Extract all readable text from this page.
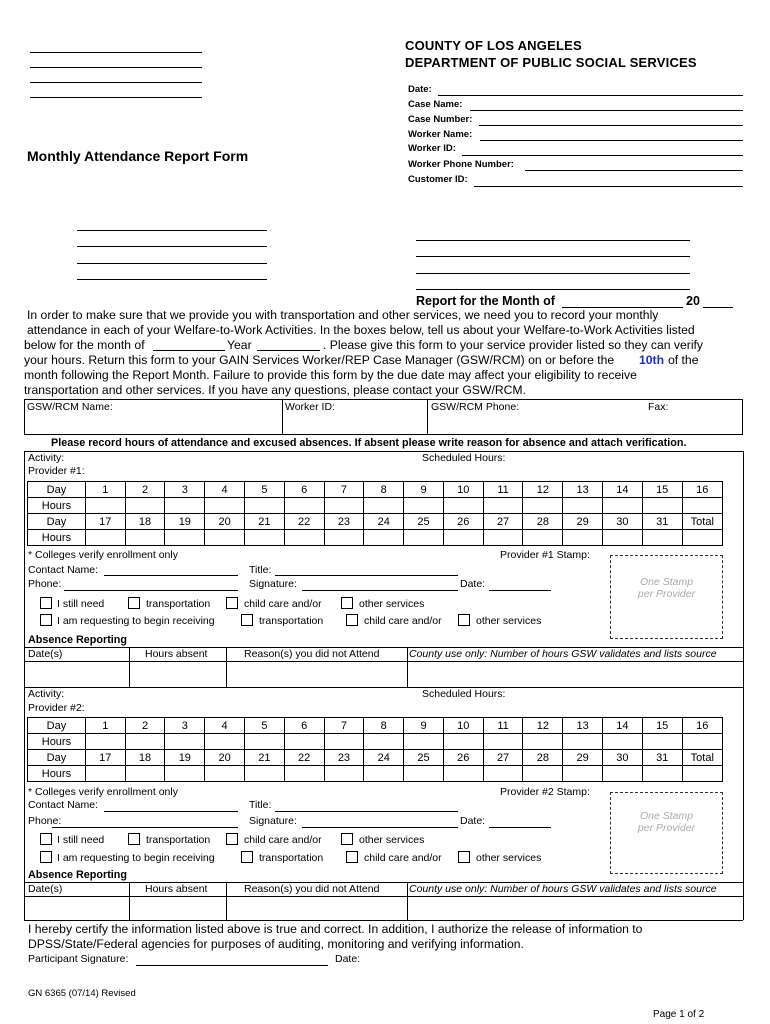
COUNTY OF LOS ANGELES
DEPARTMENT OF PUBLIC SOCIAL SERVICES
Date:
Case Name:
Case Number:
Worker Name:
Worker ID:
Worker Phone Number:
Customer ID:
Monthly Attendance Report Form
Report for the Month of	20
In order to make sure that we provide you with transportation and other services, we need you to record your monthly
attendance in each of your Welfare-to-Work Activities. In the boxes below, tell us about your Welfare-to-Work Activities listed
below for the month of	Year	. Please give this form to your service provider listed so they can verify
your hours. Return this form to your GAIN Services Worker/REP Case Manager (GSW/RCM) on or before the 10th of the
month following the Report Month. Failure to provide this form by the due date may affect your eligibility to receive
transportation and other services. If you have any questions, please contact your GSW/RCM.
GSW/RCM Name:	Worker ID:	GSW/RCM Phone:	Fax:
Please record hours of attendance and excused absences. If absent please write reason for absence and attach verification.
Activity:
Provider #1:
Scheduled Hours:
Day	1	2	3	4	5	6	7	8	9	10	11	12	13	14	15	16
Hours																
Day	17	18	19	20	21	22	23	24	25	26	27	28	29	30	31	Total
Hours																
* Colleges verify enrollment only	Provider #1 Stamp:
Contact Name:	Title:
Phone:	Signature:	Date:	One Stamp
per Provider
I still need	transportation	child care and/or	other services
I am requesting to begin receiving	transportation	child care and/or	other services
Absence Reporting
Date(s)	Hours absent	Reason(s) you did not Attend	County use only: Number of hours GSW validates and lists source
Activity:
Provider #2:
Scheduled Hours:
Day	1	2	3	4	5	6	7	8	9	10	11	12	13	14	15	16
Hours																
Day	17	18	19	20	21	22	23	24	25	26	27	28	29	30	31	Total
Hours																
* Colleges verify enrollment only	Provider #2 Stamp:
Contact Name:	Title:
Phone:	Signature:	Date:	One Stamp
per Provider
I still need	transportation	child care and/or	other services
I am requesting to begin receiving	transportation	child care and/or	other services
Absence Reporting
Date(s)	Hours absent	Reason(s) you did not Attend	County use only: Number of hours GSW validates and lists source
I hereby certify the information listed above is true and correct. In addition, I authorize the release of information to
DPSS/State/Federal agencies for purposes of auditing, monitoring and verifying information.
Participant Signature:	Date:
GN 6365 (07/14) Revised
Page 1 of 2
